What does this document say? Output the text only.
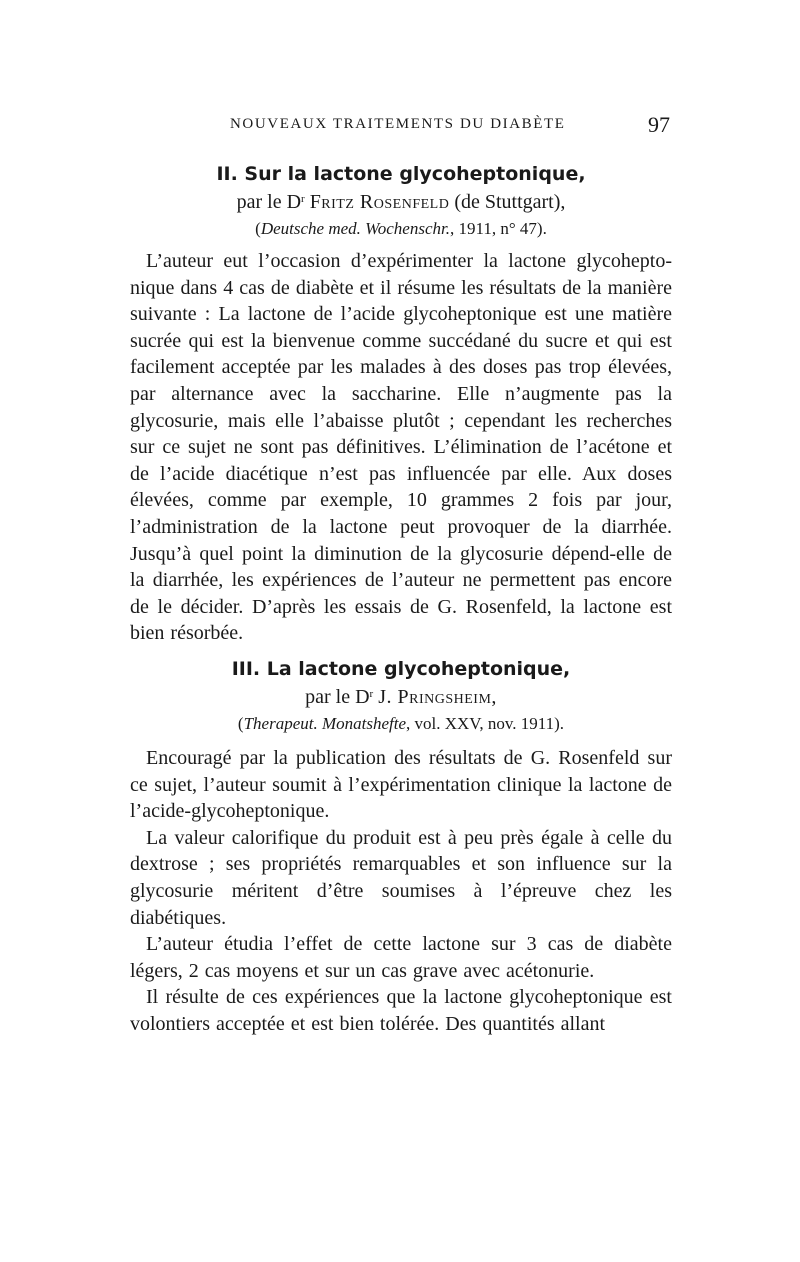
NOUVEAUX TRAITEMENTS DU DIABÈTE	97
II. Sur la lactone glycoheptonique,

par le $D^r$ Fritz Rosenfeld (de Stuttgart),

(Deutsche med. Wochenschr., 1911, n° 47).

L’auteur eut l’occasion d’expérimenter la lactone glycohepto-nique dans 4 cas de diabète et il résume les résultats de la manière suivante : La lactone de l’acide glycoheptonique est une matière sucrée qui est la bienvenue comme succédané du sucre et qui est facilement acceptée par les malades à des doses pas trop élevées, par alternance avec la saccharine. Elle n’augmente pas la glycosurie, mais elle l’abaisse plutôt ; cependant les recherches sur ce sujet ne sont pas définitives. L’élimination de l’acétone et de l’acide diacétique n’est pas influencée par elle. Aux doses élevées, comme par exemple, 10 grammes 2 fois par jour, l’administration de la lactone peut provoquer de la diarrhée. Jusqu’à quel point la diminution de la glycosurie dépend-elle de la diarrhée, les expériences de l’auteur ne permettent pas encore de le décider. D’après les essais de G. Rosenfeld, la lactone est bien résorbée.

III. La lactone glycoheptonique,

par le $D^r$ J. Pringsheim,

(Therapeut. Monatshefte, vol. XXV, nov. 1911).

Encouragé par la publication des résultats de G. Rosenfeld sur ce sujet, l’auteur soumit à l’expérimentation clinique la lactone de l’acide-glycoheptonique.

La valeur calorifique du produit est à peu près égale à celle du dextrose ; ses propriétés remarquables et son influence sur la glycosurie méritent d’être soumises à l’épreuve chez les diabétiques.

L’auteur étudia l’effet de cette lactone sur 3 cas de diabète légers, 2 cas moyens et sur un cas grave avec acétonurie.

Il résulte de ces expériences que la lactone glycoheptonique est volontiers acceptée et est bien tolérée. Des quantités allant
